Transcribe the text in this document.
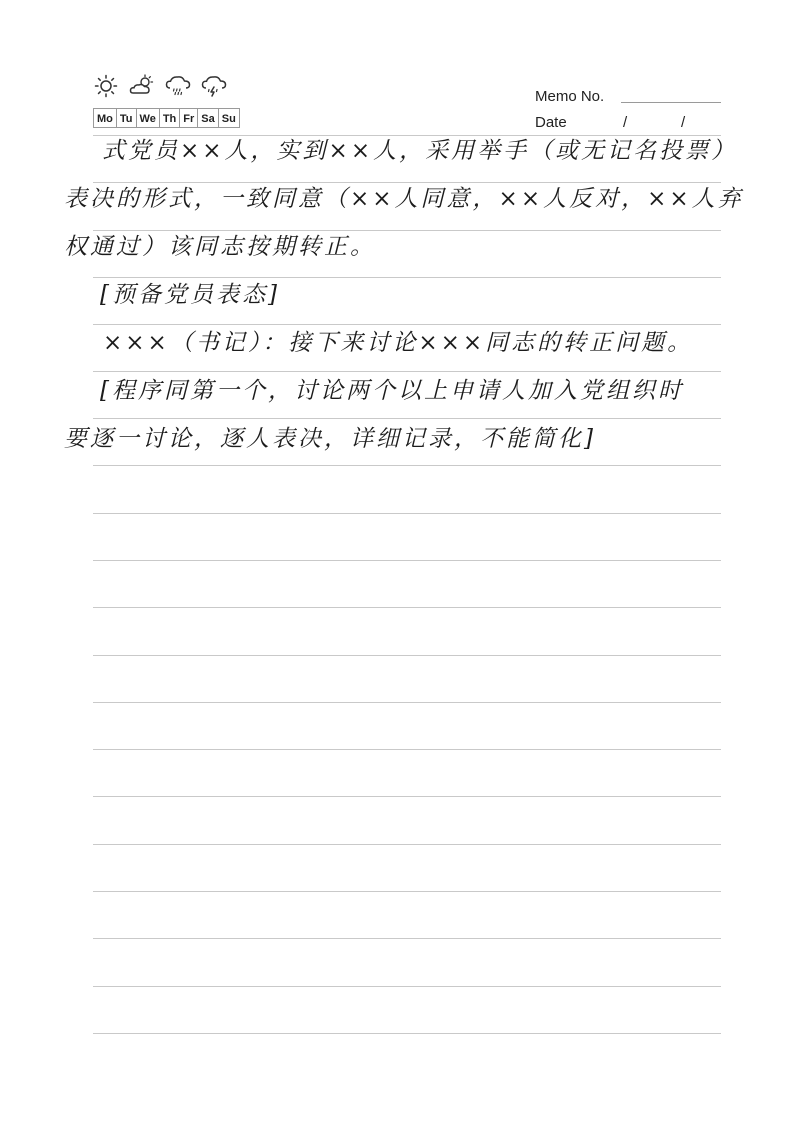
Mo Tu We Th Fr Sa Su
Memo No.
Date	/	/
式党员××人，实到××人，采用举手（或无记名投票）
表决的形式，一致同意（××人同意，××人反对，××人弃
权通过）该同志按期转正。
[预备党员表态]
×××（书记）：接下来讨论×××同志的转正问题。
[程序同第一个，讨论两个以上申请人加入党组织时
要逐一讨论，逐人表决，详细记录，不能简化]
